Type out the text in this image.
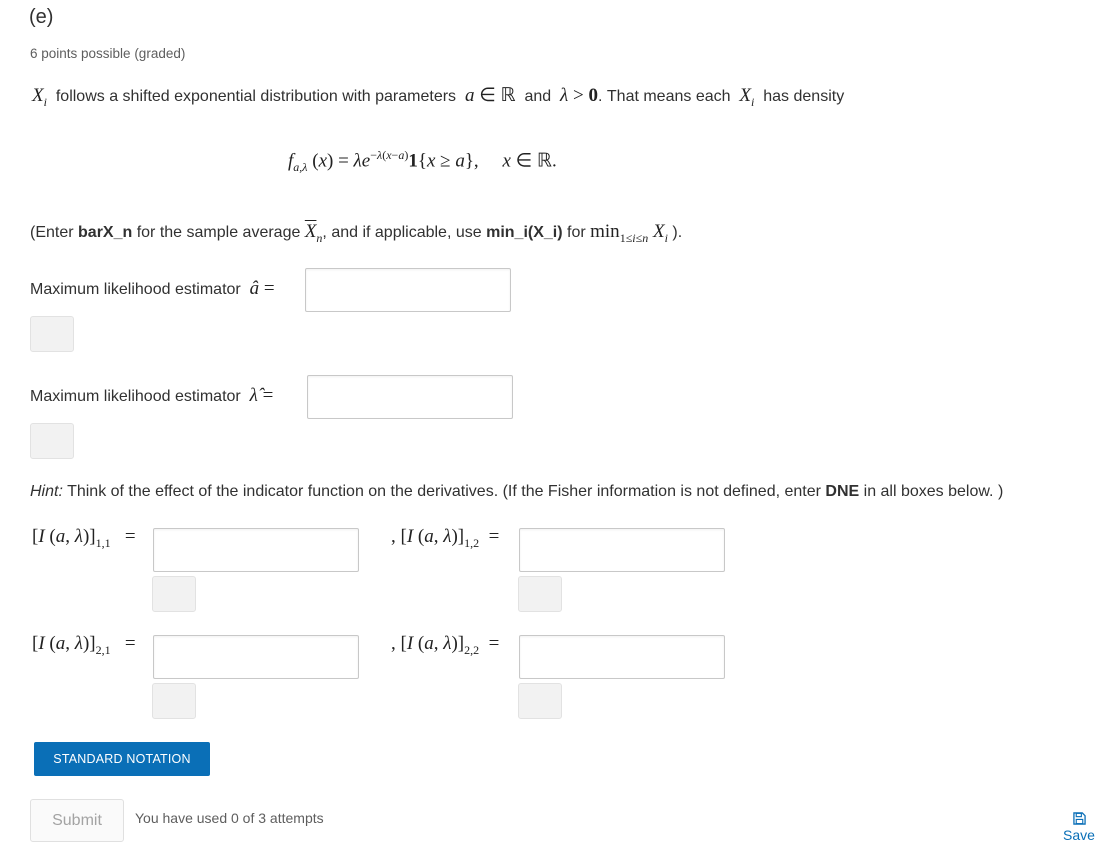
(e)
6 points possible (graded)
$X_i$ follows a shifted exponential distribution with parameters a ∈ ℝ and λ > 0. That means each $X_i$ has density
$f_{a,\lambda}$ $(x) = \lambda e^{-\lambda(x-a)}1\{x \ge a\}$,     x ∈ ℝ.
(Enter barX_n for the sample average $\overline{X}_n$, and if applicable, use min_i(X_i) for $\min_{1\le i\le n} X_i$ ).
Maximum likelihood estimator â =
Maximum likelihood estimator λ̂ =
Hint: Think of the effect of the indicator function on the derivatives. (If the Fisher information is not defined, enter DNE in all boxes below. )
[I (a, $\lambda)]_{1,1}$   =	, [I (a, $\lambda)]_{1,2}$  =
[I (a, $\lambda)]_{2,1}$   =	, [I (a, $\lambda)]_{2,2}$  =
STANDARD NOTATION
Submit	You have used 0 of 3 attempts
Save
